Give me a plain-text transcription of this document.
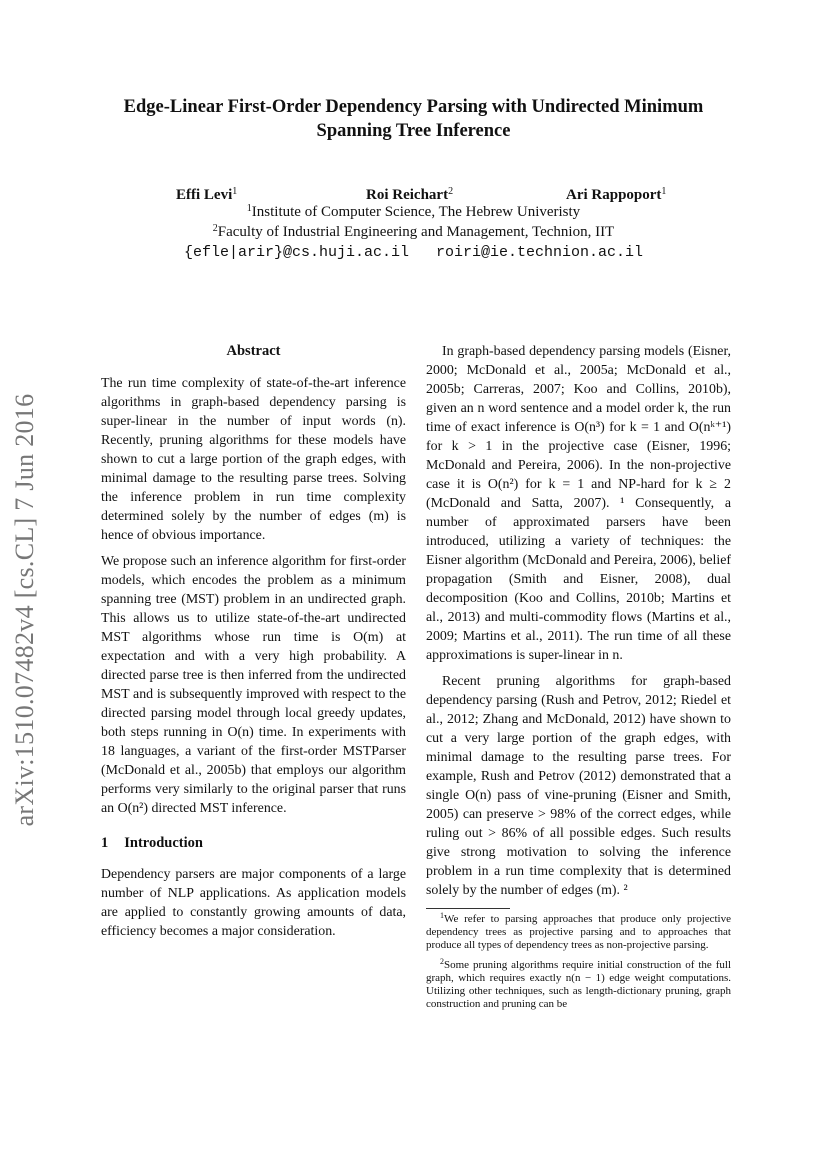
arXiv:1510.07482v4 [cs.CL] 7 Jun 2016
Edge-Linear First-Order Dependency Parsing with Undirected Minimum
Spanning Tree Inference
Effi Levi$^1$	Roi Reichart$^2$	Ari Rappoport$^1$
$^1$Institute of Computer Science, The Hebrew Univeristy
$^2$Faculty of Industrial Engineering and Management, Technion, IIT
{efle|arir}@cs.huji.ac.il   roiri@ie.technion.ac.il
Abstract

The run time complexity of state-of-the-art inference algorithms in graph-based dependency parsing is super-linear in the number of input words (n). Recently, pruning algorithms for these models have shown to cut a large portion of the graph edges, with minimal damage to the resulting parse trees. Solving the inference problem in run time complexity determined solely by the number of edges (m) is hence of obvious importance.

We propose such an inference algorithm for first-order models, which encodes the problem as a minimum spanning tree (MST) problem in an undirected graph. This allows us to utilize state-of-the-art undirected MST algorithms whose run time is O(m) at expectation and with a very high probability. A directed parse tree is then inferred from the undirected MST and is subsequently improved with respect to the directed parsing model through local greedy updates, both steps running in O(n) time. In experiments with 18 languages, a variant of the first-order MSTParser (McDonald et al., 2005b) that employs our algorithm performs very similarly to the original parser that runs an O(n²) directed MST inference.

1 Introduction

Dependency parsers are major components of a large number of NLP applications. As application models are applied to constantly growing amounts of data, efficiency becomes a major consideration.

In graph-based dependency parsing models (Eisner, 2000; McDonald et al., 2005a; McDonald et al., 2005b; Carreras, 2007; Koo and Collins, 2010b), given an n word sentence and a model order k, the run time of exact inference is O(n³) for k = 1 and O(nᵏ⁺¹) for k > 1 in the projective case (Eisner, 1996; McDonald and Pereira, 2006). In the non-projective case it is O(n²) for k = 1 and NP-hard for k ≥ 2 (McDonald and Satta, 2007). ¹ Consequently, a number of approximated parsers have been introduced, utilizing a variety of techniques: the Eisner algorithm (McDonald and Pereira, 2006), belief propagation (Smith and Eisner, 2008), dual decomposition (Koo and Collins, 2010b; Martins et al., 2013) and multi-commodity flows (Martins et al., 2009; Martins et al., 2011). The run time of all these approximations is super-linear in n.

Recent pruning algorithms for graph-based dependency parsing (Rush and Petrov, 2012; Riedel et al., 2012; Zhang and McDonald, 2012) have shown to cut a very large portion of the graph edges, with minimal damage to the resulting parse trees. For example, Rush and Petrov (2012) demonstrated that a single O(n) pass of vine-pruning (Eisner and Smith, 2005) can preserve > 98% of the correct edges, while ruling out > 86% of all possible edges. Such results give strong motivation to solving the inference problem in a run time complexity that is determined solely by the number of edges (m). ²

$^1$We refer to parsing approaches that produce only projective dependency trees as projective parsing and to approaches that produce all types of dependency trees as non-projective parsing.

$^2$Some pruning algorithms require initial construction of the full graph, which requires exactly n(n − 1) edge weight computations. Utilizing other techniques, such as length-dictionary pruning, graph construction and pruning can be
